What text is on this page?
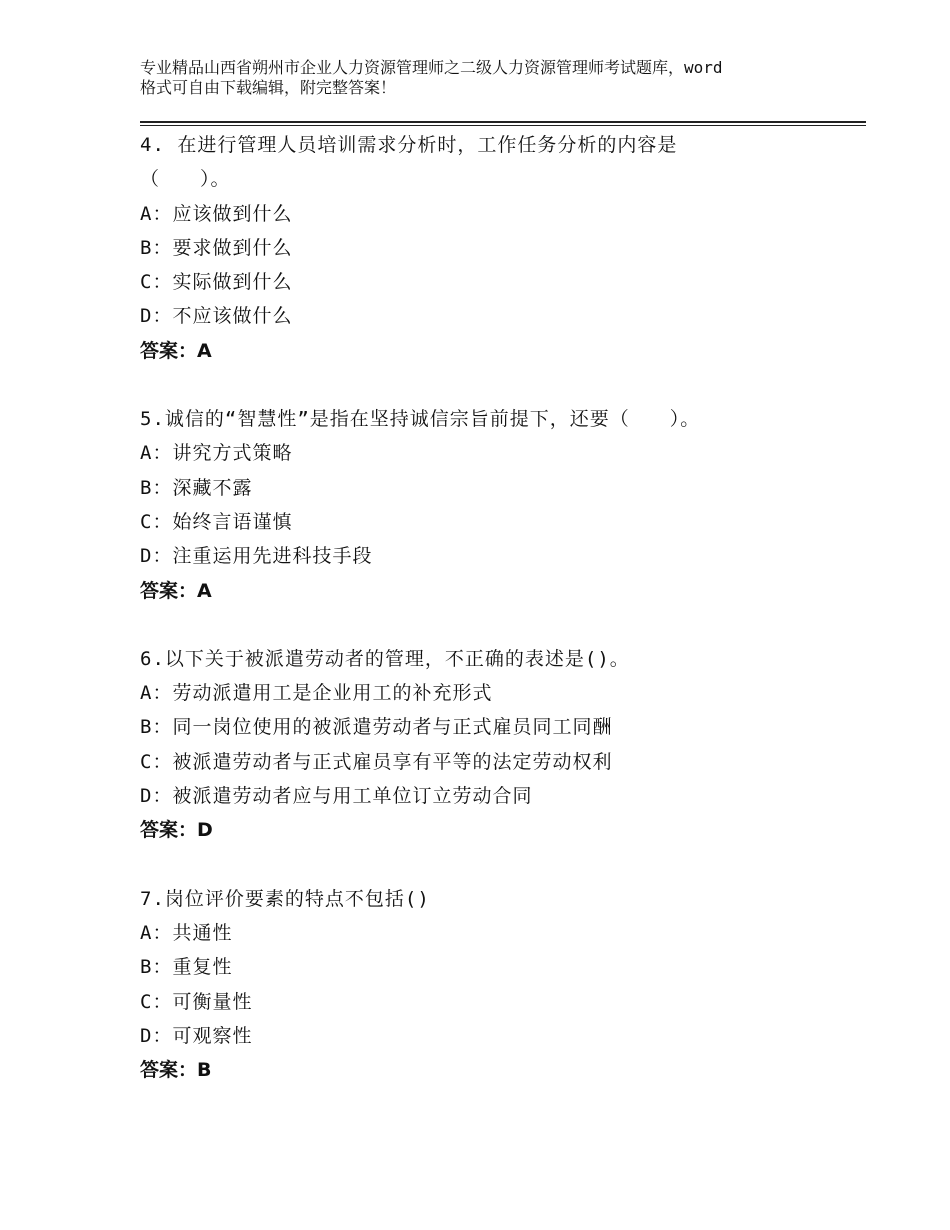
专业精品山西省朔州市企业人力资源管理师之二级人力资源管理师考试题库，word
格式可自由下载编辑，附完整答案！
4. 在进行管理人员培训需求分析时，工作任务分析的内容是
（　　）。
A：应该做到什么
B：要求做到什么
C：实际做到什么
D：不应该做什么
答案：A
5.诚信的“智慧性”是指在坚持诚信宗旨前提下，还要（　　）。
A：讲究方式策略
B：深藏不露
C：始终言语谨慎
D：注重运用先进科技手段
答案：A
6.以下关于被派遣劳动者的管理，不正确的表述是()。
A：劳动派遣用工是企业用工的补充形式
B：同一岗位使用的被派遣劳动者与正式雇员同工同酬
C：被派遣劳动者与正式雇员享有平等的法定劳动权利
D：被派遣劳动者应与用工单位订立劳动合同
答案：D
7.岗位评价要素的特点不包括()
A：共通性
B：重复性
C：可衡量性
D：可观察性
答案：B
